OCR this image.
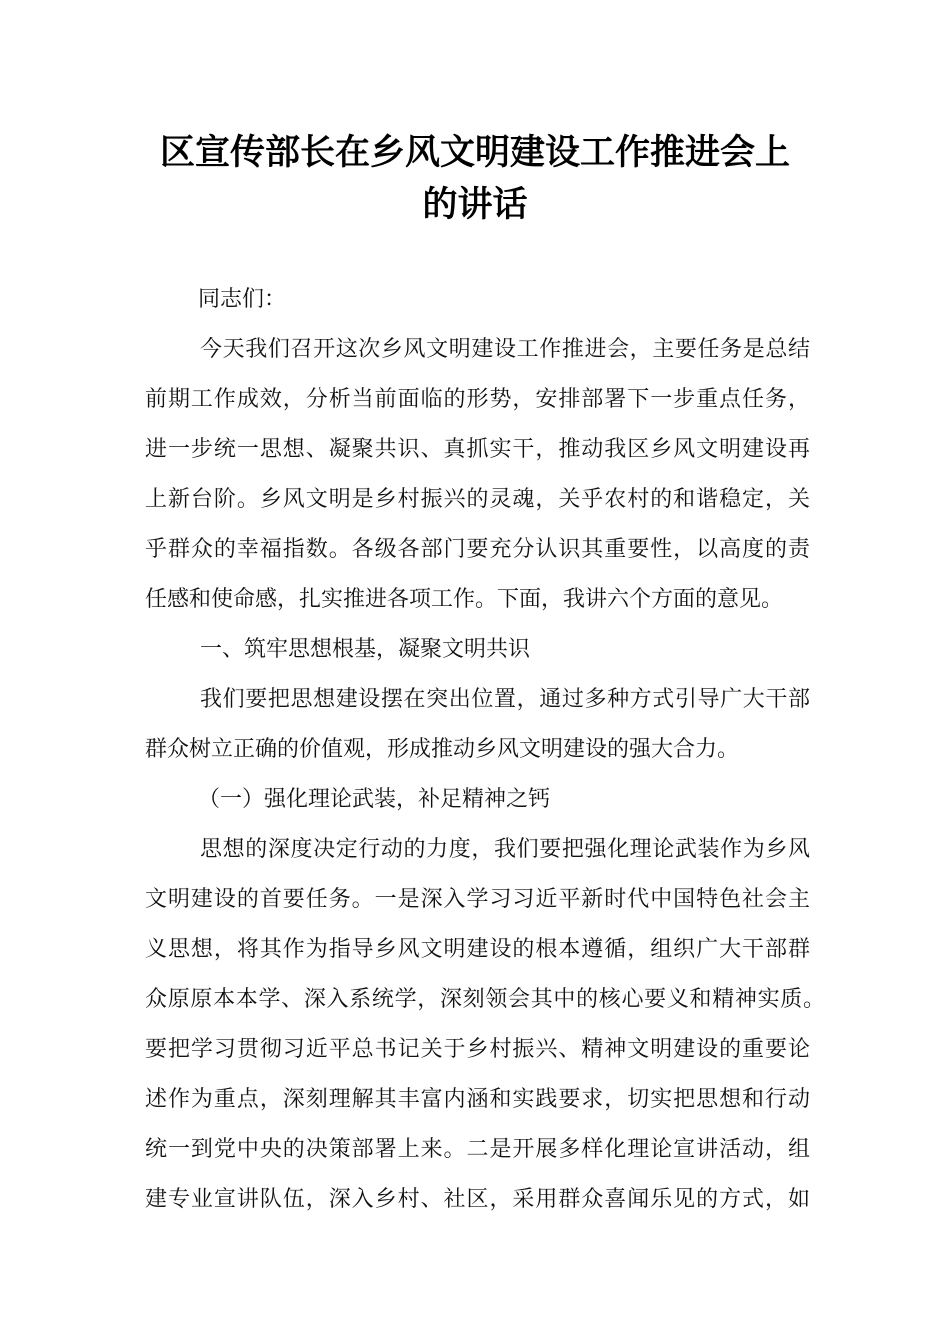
区宣传部长在乡风文明建设工作推进会上
的讲话
同志们：
今天我们召开这次乡风文明建设工作推进会，主要任务是总结
前期工作成效，分析当前面临的形势，安排部署下一步重点任务，
进一步统一思想、凝聚共识、真抓实干，推动我区乡风文明建设再
上新台阶。乡风文明是乡村振兴的灵魂，关乎农村的和谐稳定，关
乎群众的幸福指数。各级各部门要充分认识其重要性，以高度的责
任感和使命感，扎实推进各项工作。下面，我讲六个方面的意见。
一、筑牢思想根基，凝聚文明共识
我们要把思想建设摆在突出位置，通过多种方式引导广大干部
群众树立正确的价值观，形成推动乡风文明建设的强大合力。
（一）强化理论武装，补足精神之钙
思想的深度决定行动的力度，我们要把强化理论武装作为乡风
文明建设的首要任务。一是深入学习习近平新时代中国特色社会主
义思想，将其作为指导乡风文明建设的根本遵循，组织广大干部群
众原原本本学、深入系统学，深刻领会其中的核心要义和精神实质。
要把学习贯彻习近平总书记关于乡村振兴、精神文明建设的重要论
述作为重点，深刻理解其丰富内涵和实践要求，切实把思想和行动
统一到党中央的决策部署上来。二是开展多样化理论宣讲活动，组
建专业宣讲队伍，深入乡村、社区，采用群众喜闻乐见的方式，如
